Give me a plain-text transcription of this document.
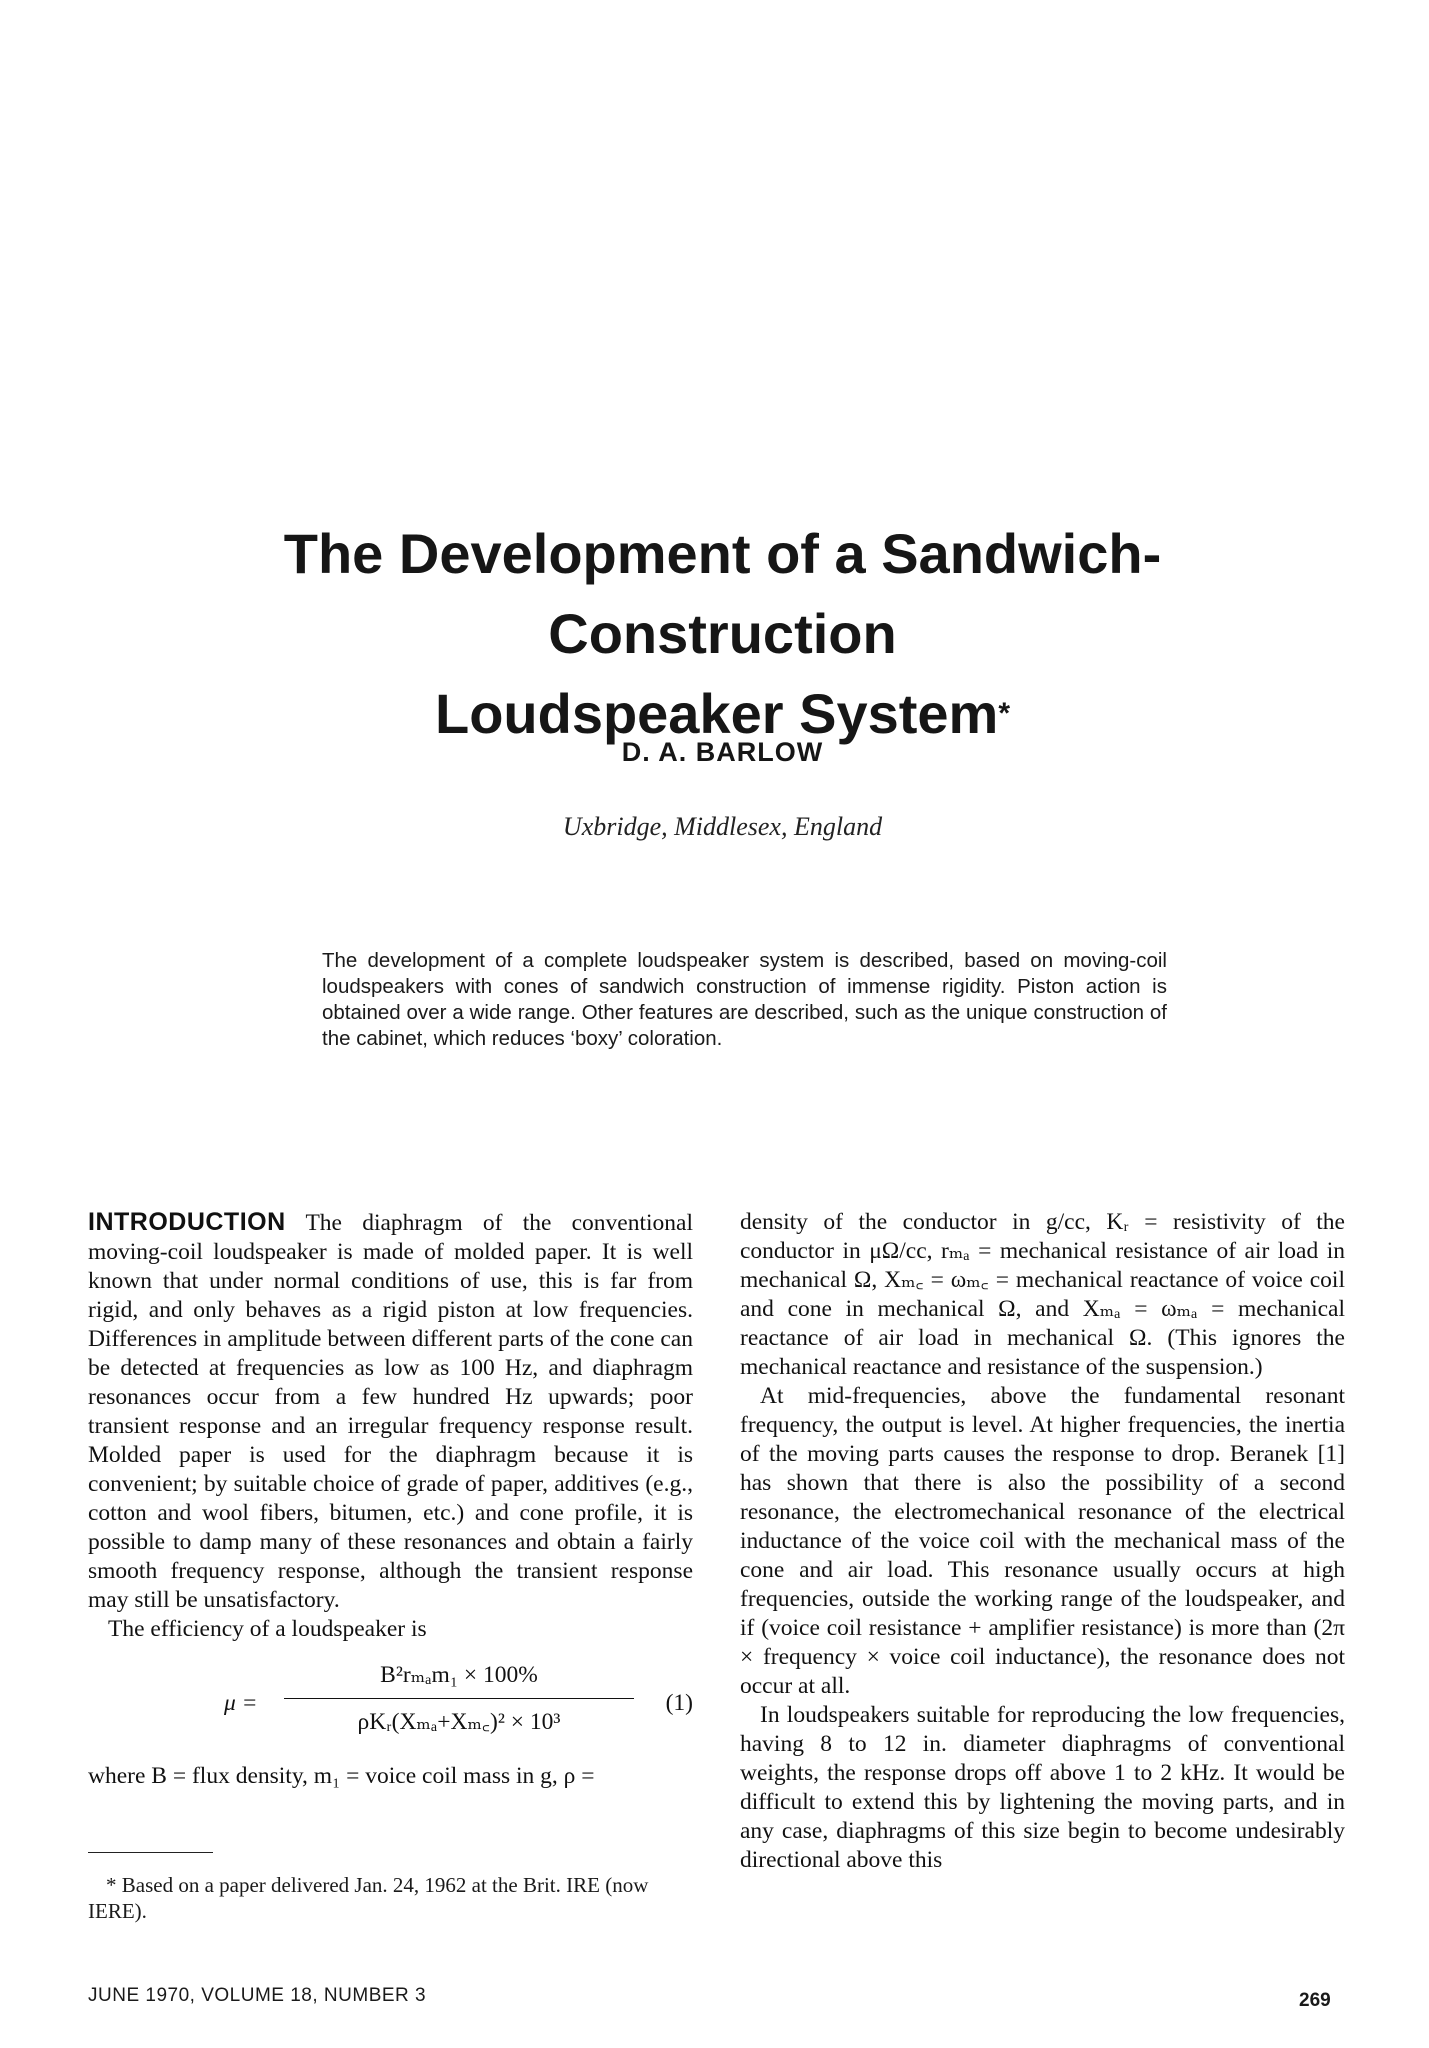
The Development of a Sandwich-Construction
Loudspeaker System*
D. A. BARLOW
Uxbridge, Middlesex, England
The development of a complete loudspeaker system is described, based on moving-coil loudspeakers with cones of sandwich construction of immense rigidity. Piston action is obtained over a wide range. Other features are described, such as the unique construction of the cabinet, which reduces ‘boxy’ coloration.

INTRODUCTION The diaphragm of the conventional moving-coil loudspeaker is made of molded paper. It is well known that under normal conditions of use, this is far from rigid, and only behaves as a rigid piston at low frequencies. Differences in amplitude between different parts of the cone can be detected at frequencies as low as 100 Hz, and diaphragm resonances occur from a few hundred Hz upwards; poor transient response and an irregular frequency response result. Molded paper is used for the diaphragm because it is convenient; by suitable choice of grade of paper, additives (e.g., cotton and wool fibers, bitumen, etc.) and cone profile, it is possible to damp many of these resonances and obtain a fairly smooth frequency response, although the transient response may still be unsatisfactory.

The efficiency of a loudspeaker is

μ =
B²rₘₐm₁ × 100%
ρKᵣ(Xₘₐ+Xₘ꜀)² × 10³
(1)

where B = flux density, m₁ = voice coil mass in g, ρ =

density of the conductor in g/cc, Kᵣ = resistivity of the conductor in μΩ/cc, rₘₐ = mechanical resistance of air load in mechanical Ω, Xₘ꜀ = ωₘ꜀ = mechanical reactance of voice coil and cone in mechanical Ω, and Xₘₐ = ωₘₐ = mechanical reactance of air load in mechanical Ω. (This ignores the mechanical reactance and resistance of the suspension.)

At mid-frequencies, above the fundamental resonant frequency, the output is level. At higher frequencies, the inertia of the moving parts causes the response to drop. Beranek [1] has shown that there is also the possibility of a second resonance, the electromechanical resonance of the electrical inductance of the voice coil with the mechanical mass of the cone and air load. This resonance usually occurs at high frequencies, outside the working range of the loudspeaker, and if (voice coil resistance + amplifier resistance) is more than (2π × frequency × voice coil inductance), the resonance does not occur at all.

In loudspeakers suitable for reproducing the low frequencies, having 8 to 12 in. diameter diaphragms of conventional weights, the response drops off above 1 to 2 kHz. It would be difficult to extend this by lightening the moving parts, and in any case, diaphragms of this size begin to become undesirably directional above this

* Based on a paper delivered Jan. 24, 1962 at the Brit. IRE (now IERE).
JUNE 1970, VOLUME 18, NUMBER 3	269
